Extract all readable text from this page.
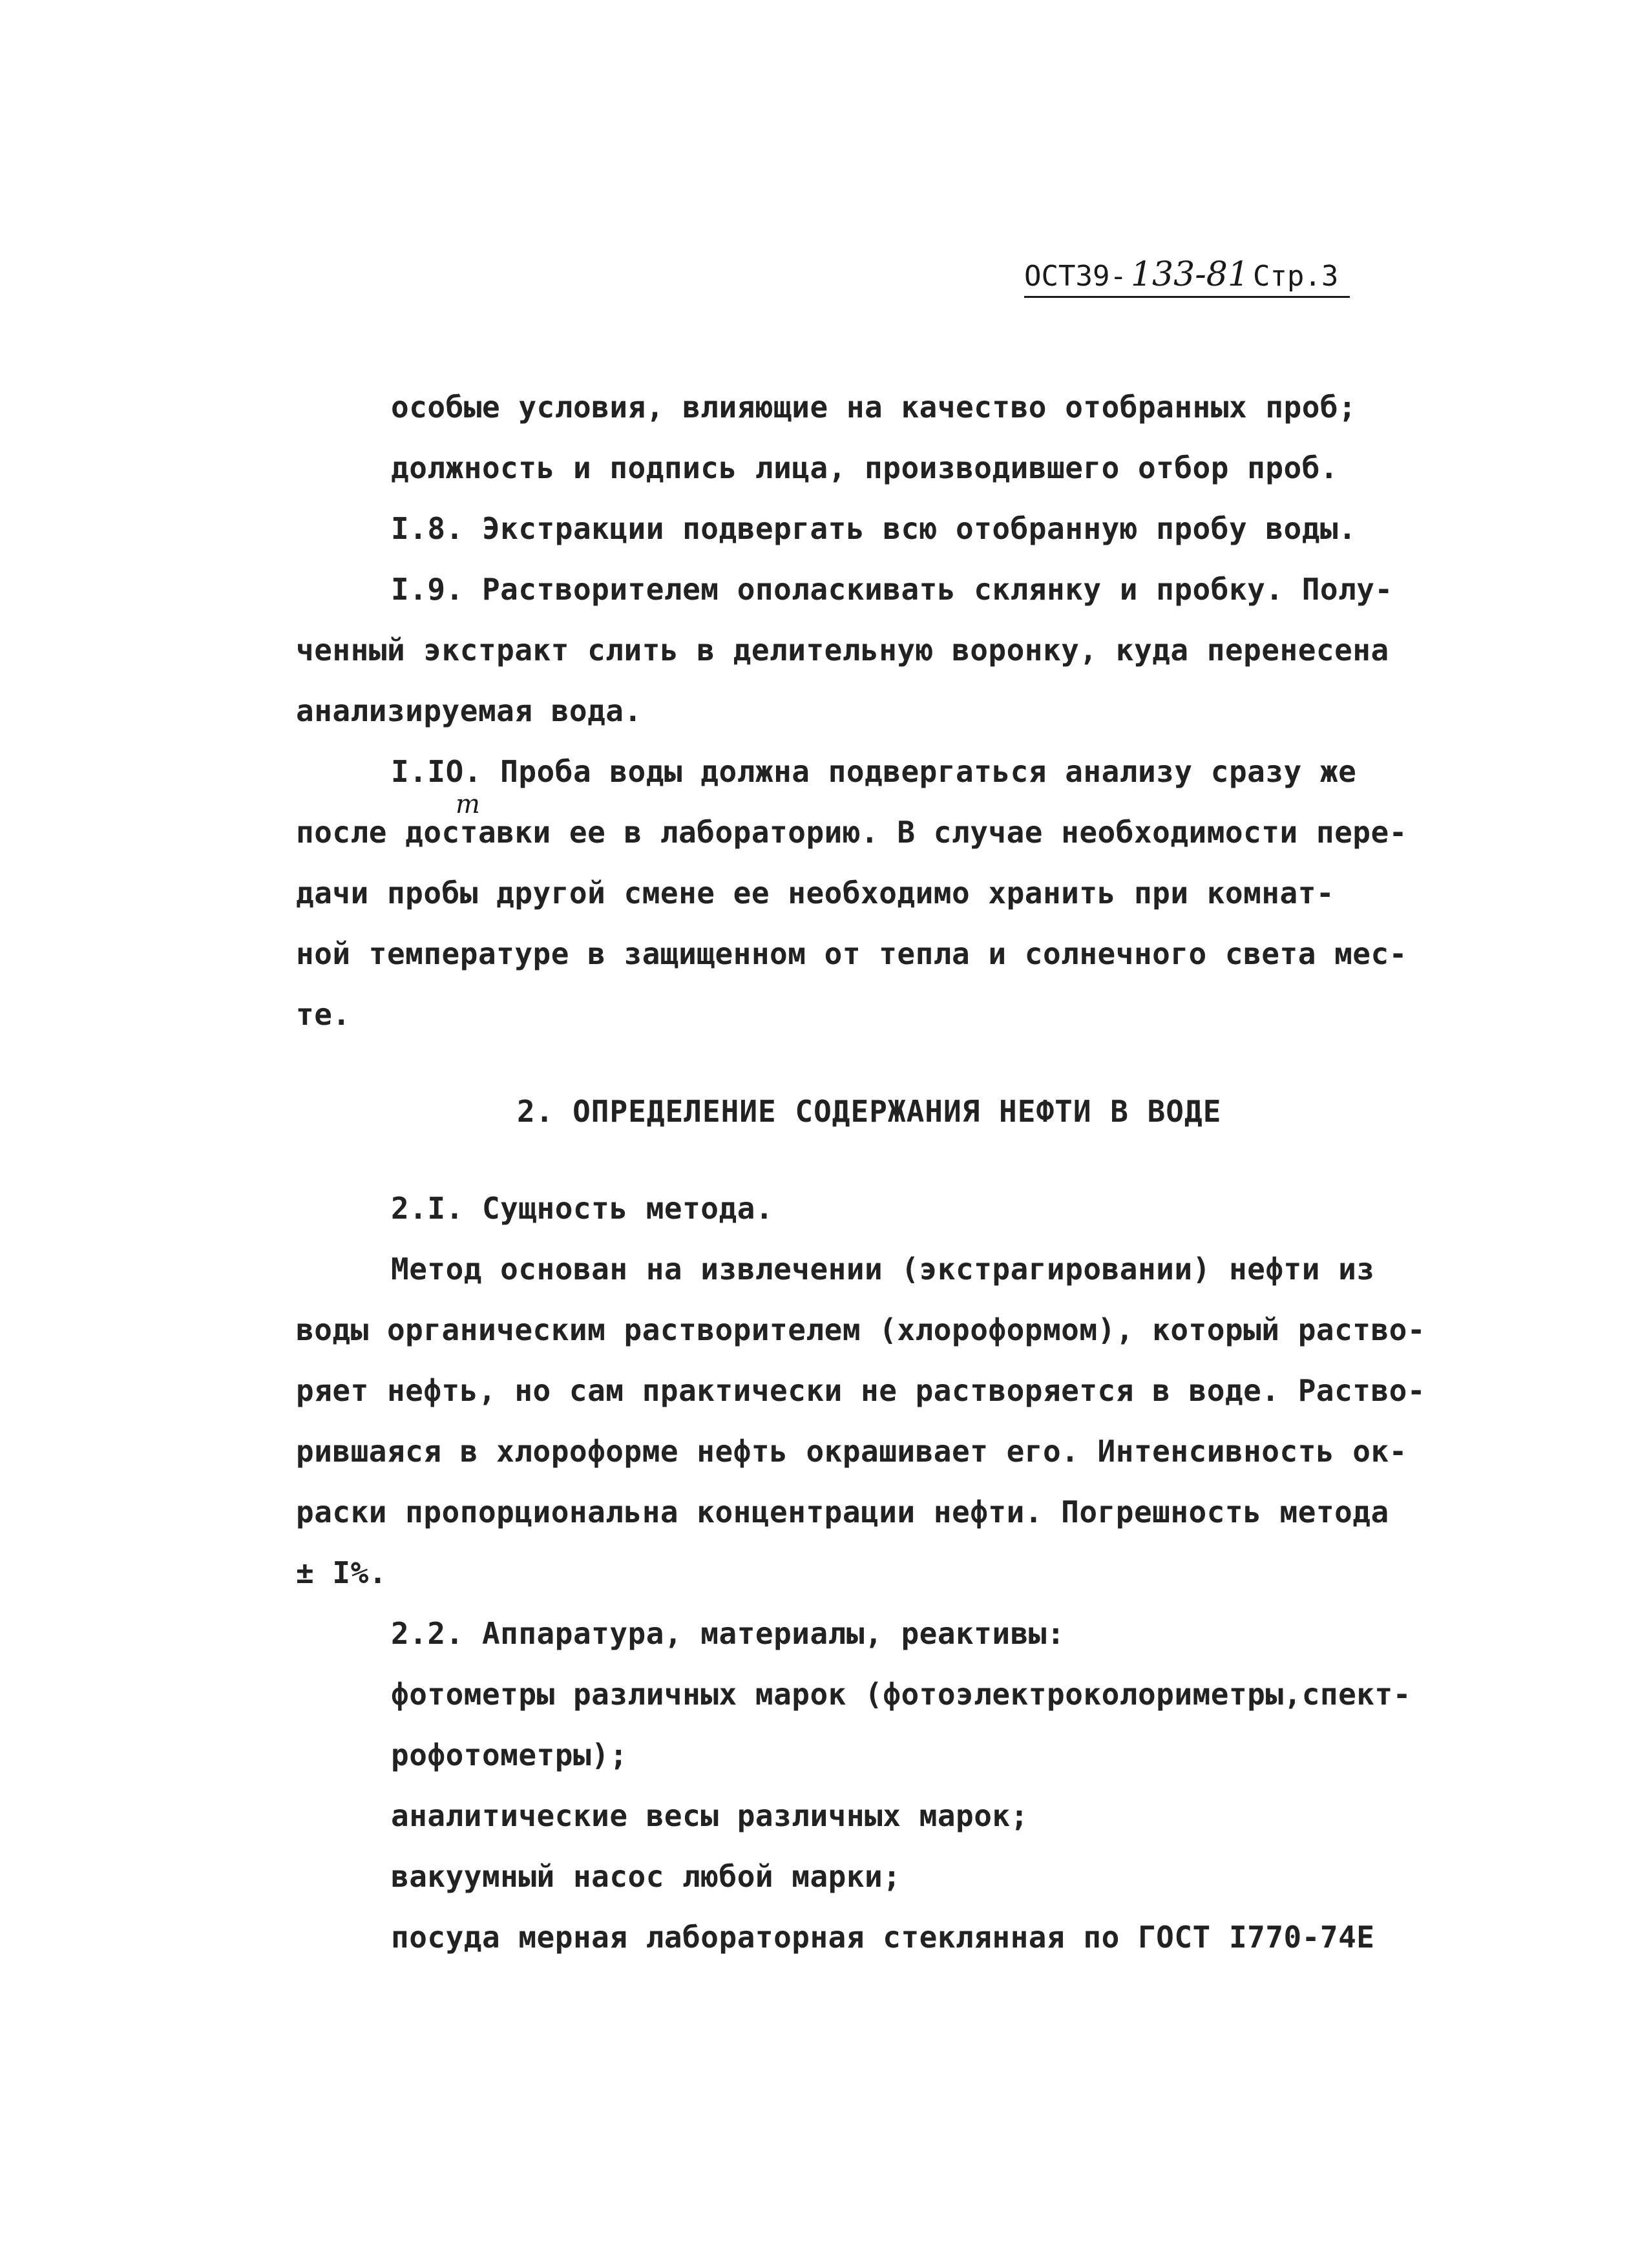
ОСТ39- 133-81 Стр.3
особые условия, влияющие на качество отобранных проб;
должность и подпись лица, производившего отбор проб.
I.8. Экстракции подвергать всю отобранную пробу воды.
I.9. Растворителем ополаскивать склянку и пробку. Полу-
ченный экстракт слить в делительную воронку, куда перенесена
анализируемая вода.
I.IO. Проба воды должна подвергаться анализу сразу же
т
после доставки ее в лабораторию. В случае необходимости пере-
дачи пробы другой смене ее необходимо хранить при комнат-
ной температуре в защищенном от тепла и солнечного света мес-
те.
2. ОПРЕДЕЛЕНИЕ СОДЕРЖАНИЯ НЕФТИ В ВОДЕ
2.I. Сущность метода.
Метод основан на извлечении (экстрагировании) нефти из
воды органическим растворителем (хлороформом), который раство-
ряет нефть, но сам практически не растворяется в воде. Раство-
рившаяся в хлороформе нефть окрашивает его. Интенсивность ок-
раски пропорциональна концентрации нефти. Погрешность метода
± I%.
2.2. Аппаратура, материалы, реактивы:
фотометры различных марок (фотоэлектроколориметры,спект-
рофотометры);
аналитические весы различных марок;
вакуумный насос любой марки;
посуда мерная лабораторная стеклянная по ГОСТ I770-74Е
